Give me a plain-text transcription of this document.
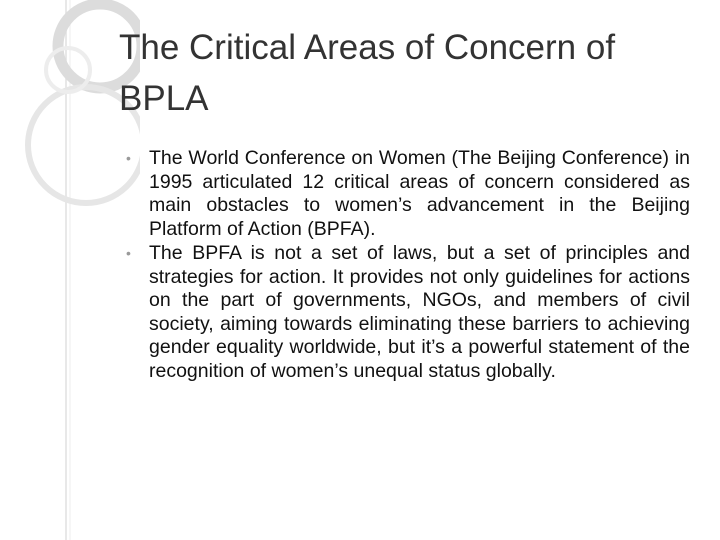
The Critical Areas of Concern of BPLA
• The World Conference on Women (The Beijing Conference) in 1995 articulated 12 critical areas of concern considered as main obstacles to women’s advancement in the Beijing Platform of Action (BPFA).
• The BPFA is not a set of laws, but a set of principles and strategies for action. It provides not only guidelines for actions on the part of governments, NGOs, and members of civil society, aiming towards eliminating these barriers to achieving gender equality worldwide, but it’s a powerful statement of the recognition of women’s unequal status globally.
